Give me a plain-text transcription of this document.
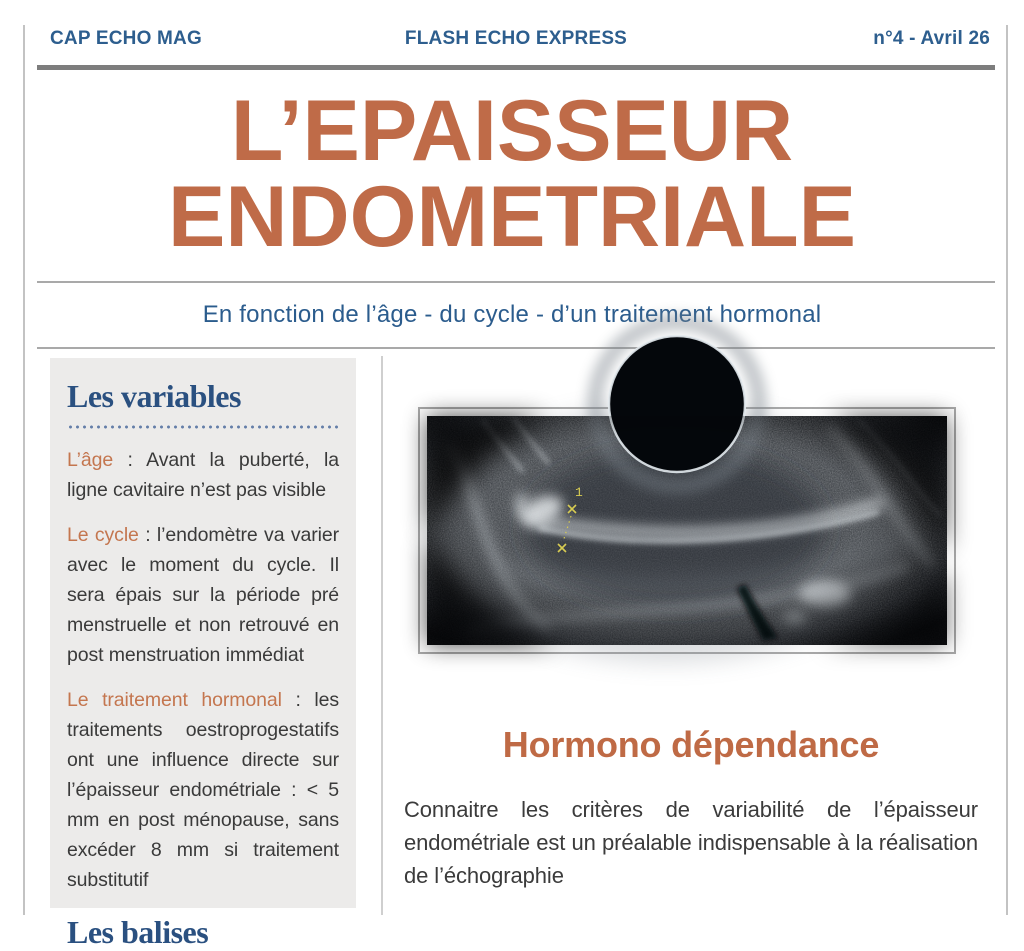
CAP ECHO MAG	FLASH ECHO EXPRESS	n°4 - Avril 26
L’EPAISSEUR
ENDOMETRIALE
En fonction de l’âge - du cycle - d’un traitement hormonal
Les variables

L’âge : Avant la puberté, la ligne cavitaire n’est pas visible

Le cycle : l’endomètre va varier avec le moment du cycle. Il sera épais sur la période pré menstruelle et non retrouvé en post menstruation immédiat

Le traitement hormonal : les traitements oestroprogestatifs ont une influence directe sur l’épaisseur endométriale : < 5 mm en post ménopause, sans excéder 8 mm si traitement substitutif

Les balises
1
Hormono dépendance
Connaitre les critères de variabilité de l’épaisseur endométriale est un préalable indispensable à la réalisation de l’échographie
